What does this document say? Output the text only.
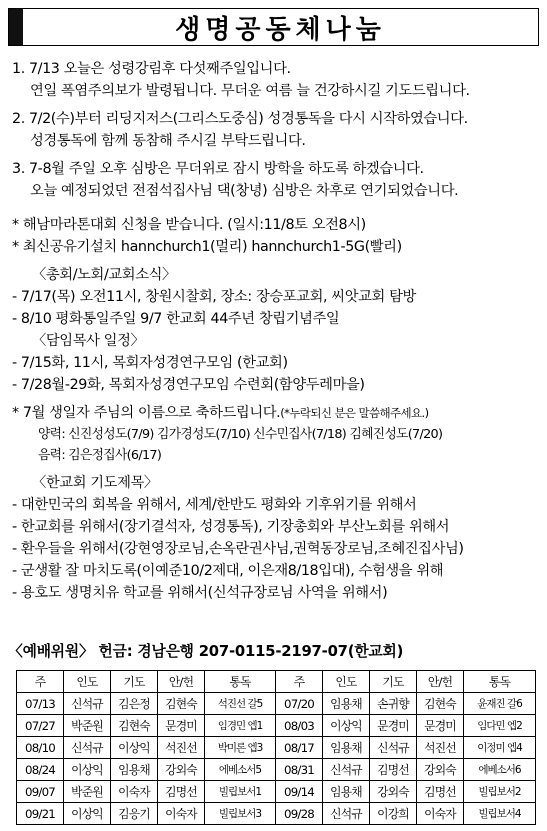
생명공동체나눔
1. 7/13 오늘은 성령강림후 다섯째주일입니다.
연일 폭염주의보가 발령됩니다. 무더운 여름 늘 건강하시길 기도드립니다.
2. 7/2(수)부터 리딩지저스(그리스도중심) 성경통독을 다시 시작하였습니다.
성경통독에 함께 동참해 주시길 부탁드립니다.
3. 7-8월 주일 오후 심방은 무더위로 잠시 방학을 하도록 하겠습니다.
오늘 예정되었던 전점석집사님 댁(창녕) 심방은 차후로 연기되었습니다.
* 해남마라톤대회 신청을 받습니다. (일시:11/8토 오전8시)
* 최신공유기설치 hannchurch1(멀리) hannchurch1-5G(빨리)
〈총회/노회/교회소식〉
- 7/17(목) 오전11시, 창원시찰회, 장소: 장승포교회, 씨앗교회 탐방
- 8/10 평화통일주일 9/7 한교회 44주년 창립기념주일
〈담임목사 일정〉
- 7/15화, 11시, 목회자성경연구모임 (한교회)
- 7/28월-29화, 목회자성경연구모임 수련회(함양두레마을)
* 7월 생일자 주님의 이름으로 축하드립니다.(*누락되신 분은 말씀해주세요.)
양력: 신진성성도(7/9) 김가경성도(7/10) 신수민집사(7/18) 김혜진성도(7/20)
음력: 김은정집사(6/17)
〈한교회 기도제목〉
- 대한민국의 회복을 위해서, 세계/한반도 평화와 기후위기를 위해서
- 한교회를 위해서(장기결석자, 성경통독), 기장총회와 부산노회를 위해서
- 환우들을 위해서(강현영장로님,손옥란권사님,권혁동장로님,조혜진집사님)
- 군생활 잘 마치도록(이예준10/2제대, 이은재8/18입대), 수험생을 위해
- 용호도 생명치유 학교를 위해서(신석규장로님 사역을 위해서)
〈예배위원〉 헌금: 경남은행 207-0115-2197-07(한교회)
주	인도	기도	안/헌	통독	주	인도	기도	안/헌	통독
07/13	신석규	김은정	김현숙	석진선 갈5	07/20	임용채	손귀향	김현숙	윤재진 갈6
07/27	박준원	김현숙	문경미	임경민 엡1	08/03	이상익	문경미	문경미	임다민 엡2
08/10	신석규	이상익	석진선	박미론 엡3	08/17	임용채	신석규	석진선	이정미 엡4
08/24	이상익	임용채	강외숙	에베소서5	08/31	신석규	김명선	강외숙	에베소서6
09/07	박준원	이숙자	김명선	빌립보서1	09/14	임용채	강외숙	김명선	빌립보서2
09/21	이상익	김응기	이숙자	빌립보서3	09/28	신석규	이강희	이숙자	빌립보서4
